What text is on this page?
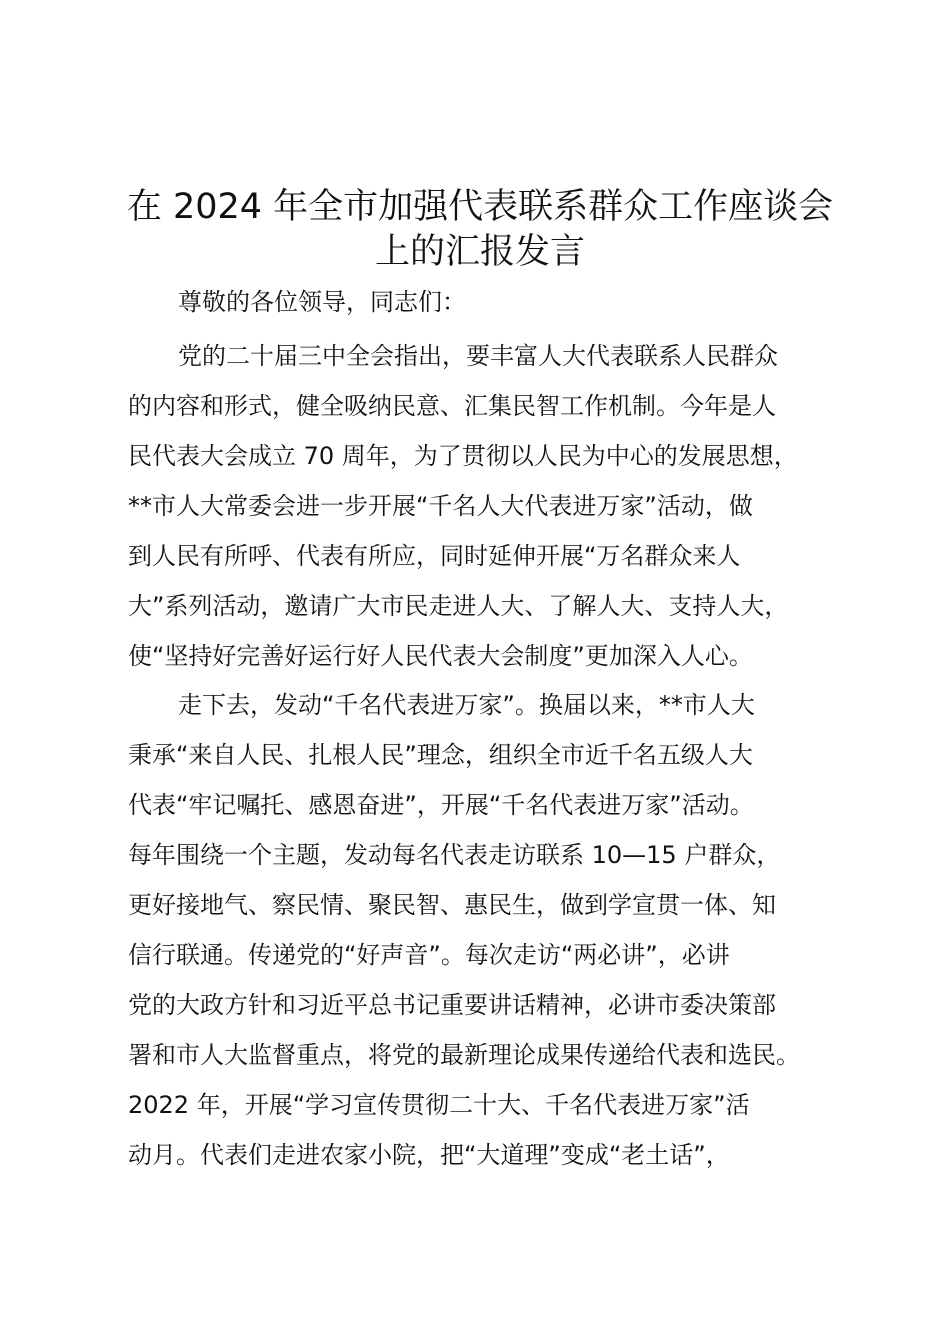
在 2024 年全市加强代表联系群众工作座谈会
上的汇报发言
尊敬的各位领导，同志们：
党的二十届三中全会指出，要丰富人大代表联系人民群众
的内容和形式，健全吸纳民意、汇集民智工作机制。今年是人
民代表大会成立 70 周年，为了贯彻以人民为中心的发展思想，
**市人大常委会进一步开展“千名人大代表进万家”活动，做
到人民有所呼、代表有所应，同时延伸开展“万名群众来人
大”系列活动，邀请广大市民走进人大、了解人大、支持人大，
使“坚持好完善好运行好人民代表大会制度”更加深入人心。
走下去，发动“千名代表进万家”。换届以来，**市人大
秉承“来自人民、扎根人民”理念，组织全市近千名五级人大
代表“牢记嘱托、感恩奋进”，开展“千名代表进万家”活动。
每年围绕一个主题，发动每名代表走访联系 10—15 户群众，
更好接地气、察民情、聚民智、惠民生，做到学宣贯一体、知
信行联通。传递党的“好声音”。每次走访“两必讲”，必讲
党的大政方针和习近平总书记重要讲话精神，必讲市委决策部
署和市人大监督重点，将党的最新理论成果传递给代表和选民。
2022 年，开展“学习宣传贯彻二十大、千名代表进万家”活
动月。代表们走进农家小院，把“大道理”变成“老土话”，
